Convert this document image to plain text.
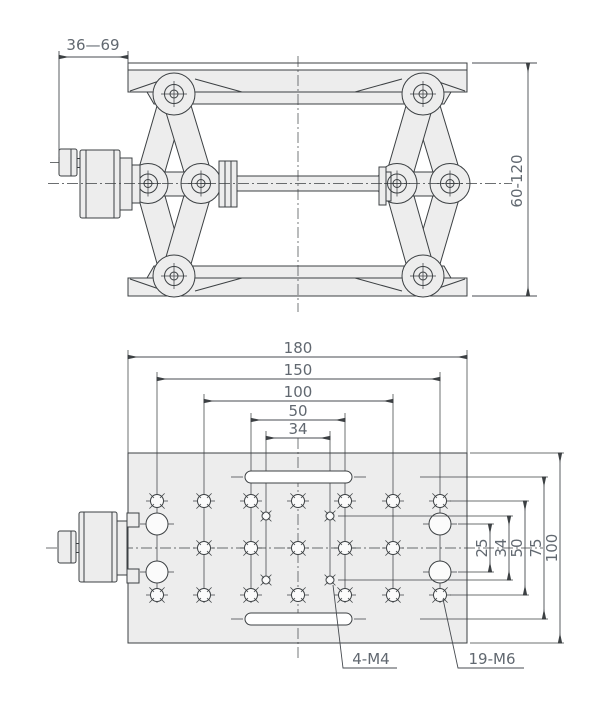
36—69
60-120
180
150
100
50
34
25 34
50 75
100
4-M4	19-M6
